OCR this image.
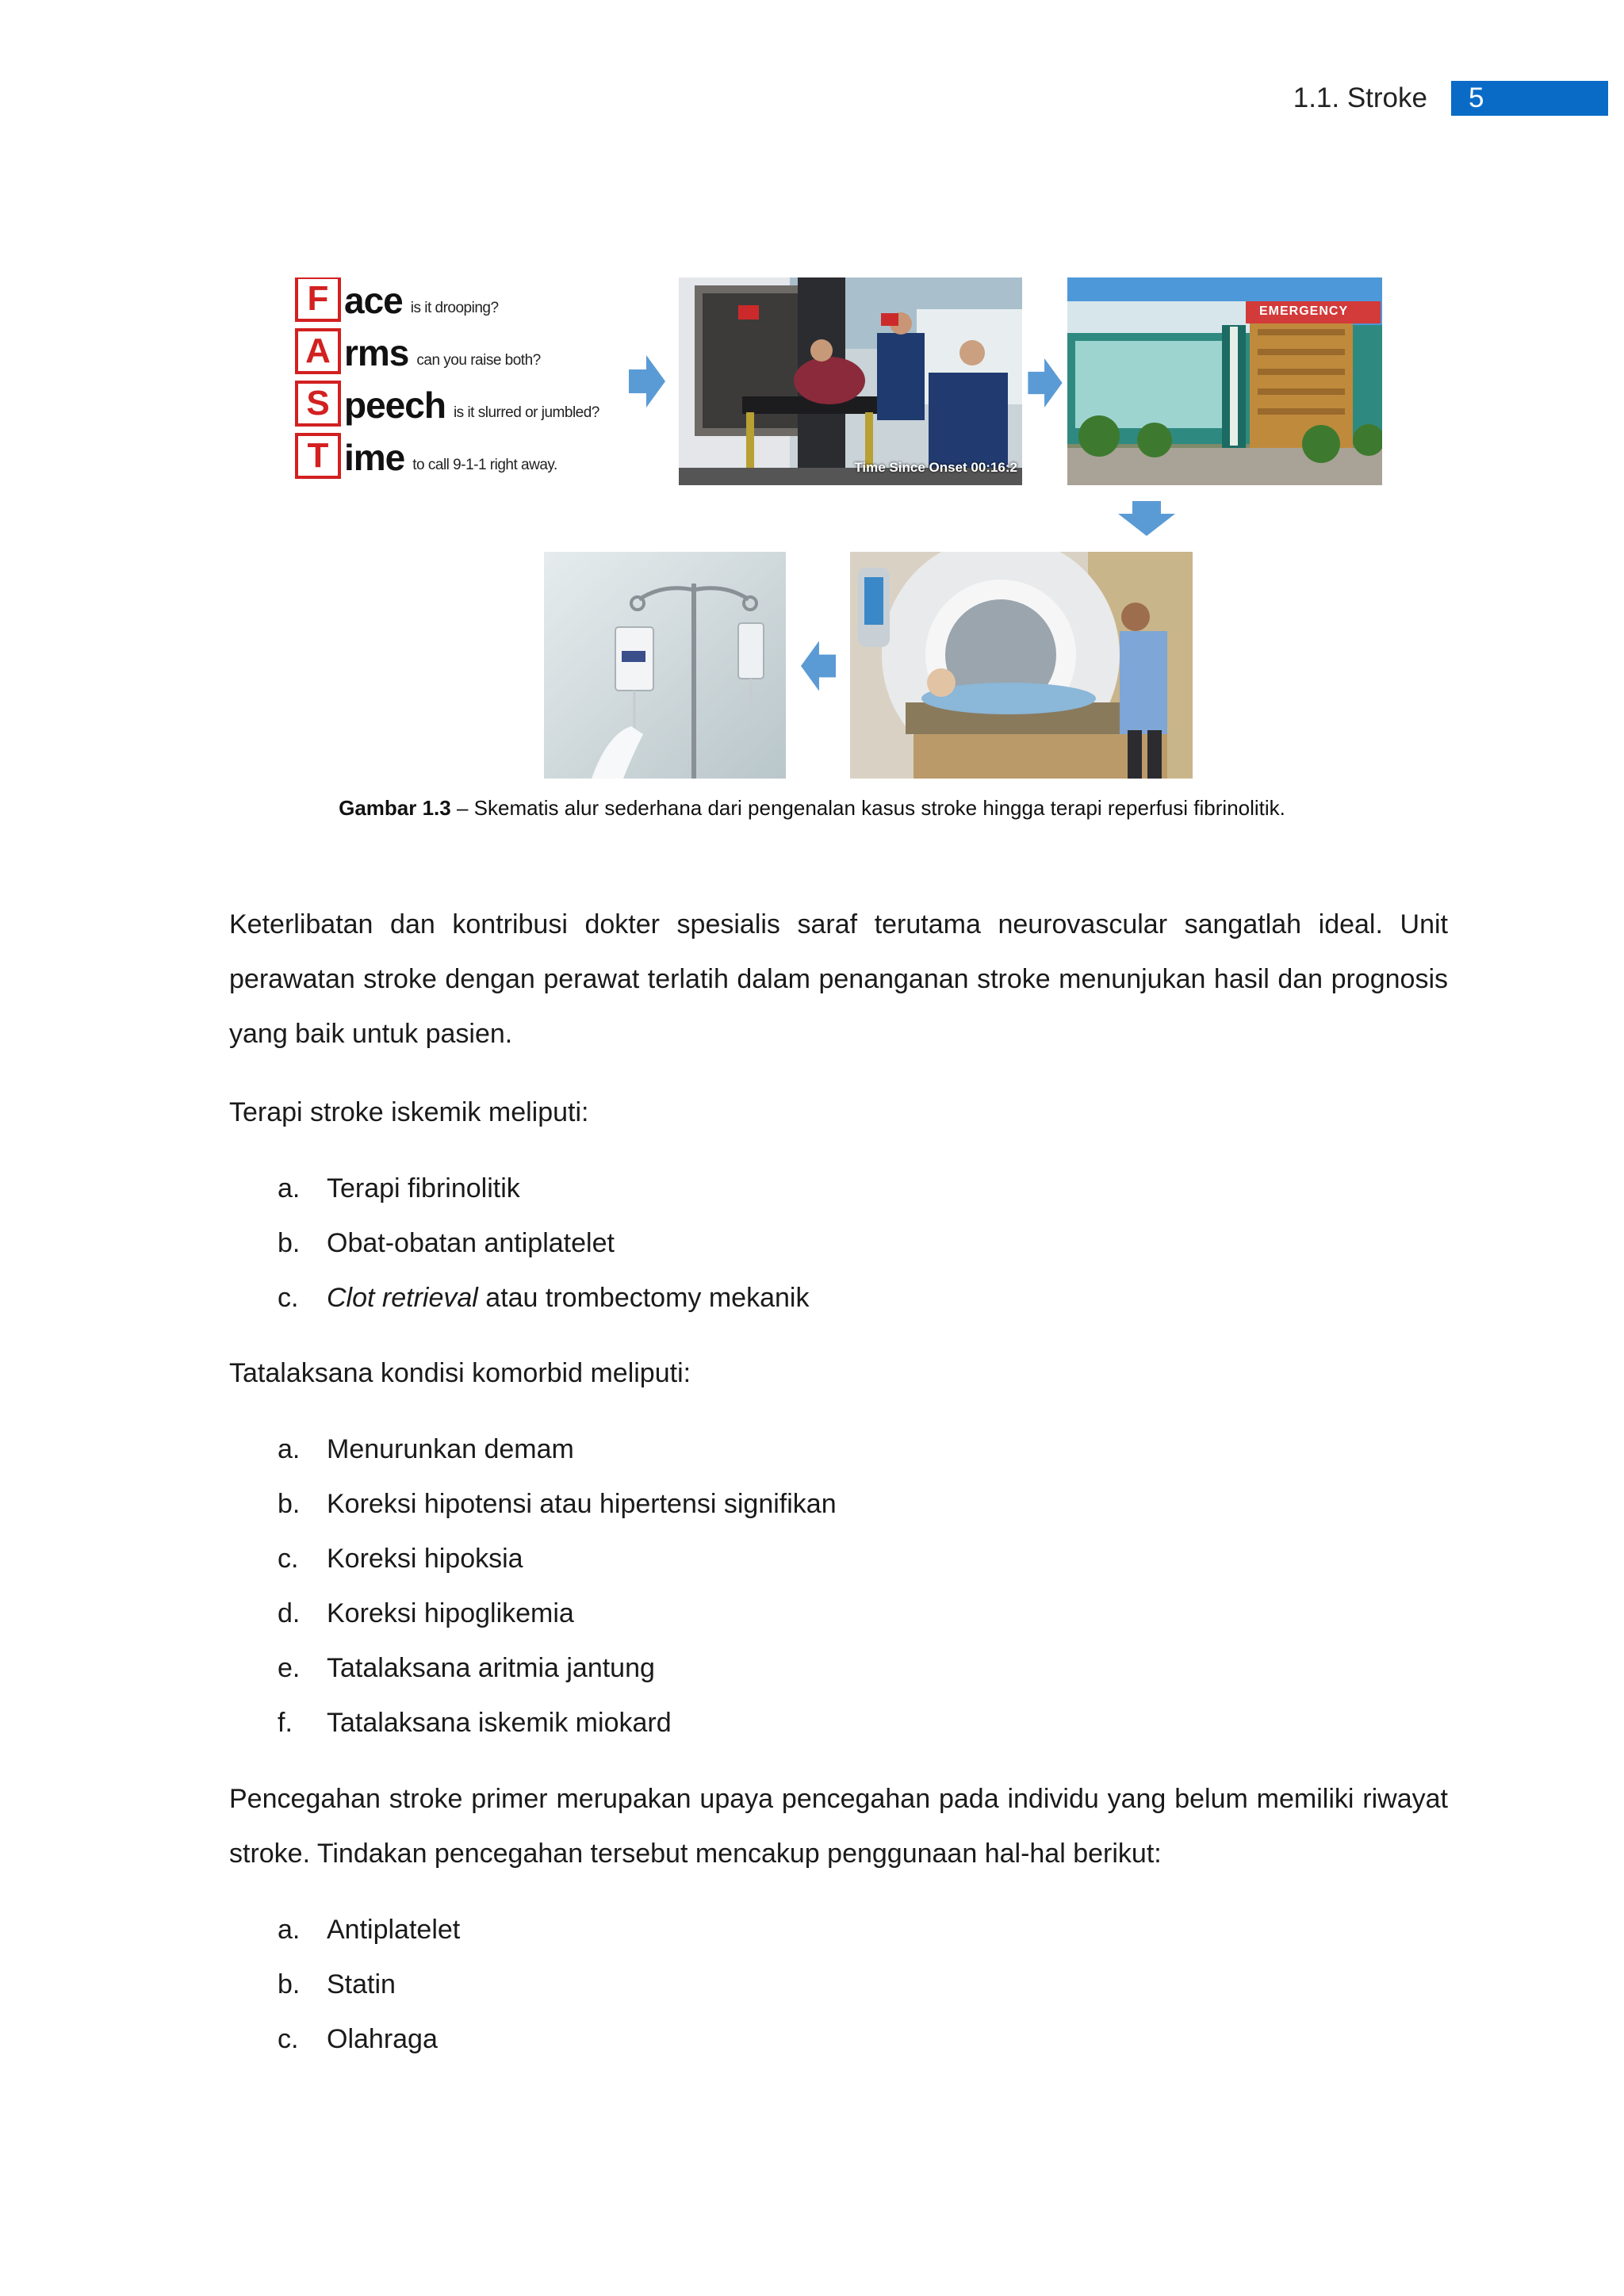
1.1. Stroke	5
F ace is it drooping?
A rms can you raise both?
S peech is it slurred or jumbled?
T ime to call 9-1-1 right away.	Time Since Onset 00:16:2
EMERGENCY
Gambar 1.3 – Skematis alur sederhana dari pengenalan kasus stroke hingga terapi reperfusi fibrinolitik.

Keterlibatan dan kontribusi dokter spesialis saraf terutama neurovascular sangatlah ideal. Unit perawatan stroke dengan perawat terlatih dalam penanganan stroke menunjukan hasil dan prognosis yang baik untuk pasien.

Terapi stroke iskemik meliputi:

a. Terapi fibrinolitik
b. Obat-obatan antiplatelet
c.	Clot retrieval atau trombectomy mekanik

Tatalaksana kondisi komorbid meliputi:

a. Menurunkan demam
b. Koreksi hipotensi atau hipertensi signifikan
c.	Koreksi hipoksia
d. Koreksi hipoglikemia
e. Tatalaksana aritmia jantung
f.	Tatalaksana iskemik miokard

Pencegahan stroke primer merupakan upaya pencegahan pada individu yang belum memiliki riwayat stroke. Tindakan pencegahan tersebut mencakup penggunaan hal-hal berikut:

a. Antiplatelet
b. Statin
c.	Olahraga
